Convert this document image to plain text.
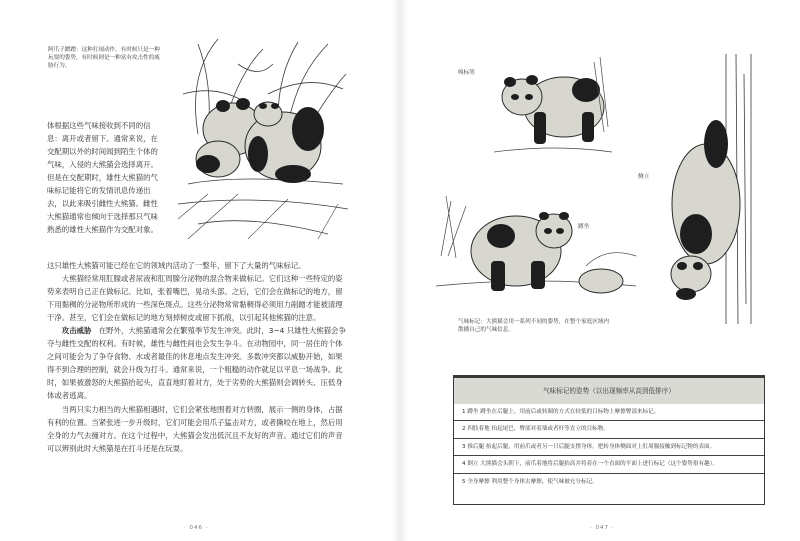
阿爪子蹭蹭：这种打闹动作，有时候只是一种
玩耍的姿势，有时候则是一种富有攻击性的威
胁行为。
体根据这些气味接收到不同的信
息：离开或者留下。通常来说，在
交配期以外的时间闻到陌生个体的
气味，入侵的大熊猫会选择离开。
但是在交配期时，雄性大熊猫的气
味标记能将它的发情讯息传递出
去，以此来吸引雌性大熊猫。雌性
大熊猫通常也倾向于选择那只气味
熟悉的雄性大熊猫作为交配对象。

这只雄性大熊猫可能已经在它的领域内活动了一整年，留下了大量的气味标记。

大熊猫经常用肛腺或者尿液和肛周腺分泌物的混合物来做标记。它们这种一些特定的姿势来表明自己正在做标记。比如，张着嘴巴，晃动头部。之后，它们会在做标记的地方，留下用黏稠的分泌物所形成的一些深色斑点。这些分泌物常常黏稠得必须用力剐蹭才能被清理干净。甚至，它们会在做标记的地方刻掉树皮或留下抓痕，以引起其他熊猫的注意。

攻击威胁　 在野外，大熊猫通常会在繁殖季节发生冲突。此时，3~4 只雄性大熊猫会争夺与雌性交配的权利。有时候，雄性与雌性间也会发生争斗。在动物园中，同一居住的个体之间可能会为了争夺食物、水或者最佳的休息地点发生冲突。多数冲突都以威胁开始，如果得不到合理的控制，就会升级为打斗。通常来说，一个粗糙的动作就足以平息一场战争。此时，如果被激怒的大熊猫抬起头，直直地盯着对方，处于劣势的大熊猫则会调转头、压低身体或者逃离。

当两只实力相当的大熊猫相遇时，它们会紧张地围着对方转圈，展示一侧的身体，占据有利的位置。当紧张进一步升级时，它们可能会用爪子猛击对方，或者撕咬在地上，然后用全身的力气去撞对方。在这个过程中，大熊猫会发出低沉且不友好的声音。通过它们的声音可以辨别此时大熊猫是在打斗还是在玩耍。

· 046 ·
嗅标签
侧立
蹲坐
气味标记：大熊猫会用一系列不同的姿势，在整个家庭区域内
散播自己的气味信息。
· 047 ·
气味标记的姿势（以出现频率从高到低排序）
1 蹲坐 蹲坐在后腿上，用前后或转圈的方式在较低的目标物上摩擦臀部来标记。
2 四肢着地 抬起尾巴，臀部对着墙或者杆等直立的目标物。
3 推后腿 抬起后腿，用前爪或者另一只后腿支撑身体，把转身体侧面对上肛周腺接触到标记物的表面。
4 倒立 大熊猫会头朝下，前爪着地将后腿抬高并将着在一个直面的平面上进行标记（这个姿势很有趣）。
5 全身摩擦 利用整个身体去摩擦，使气味被充分标记。
